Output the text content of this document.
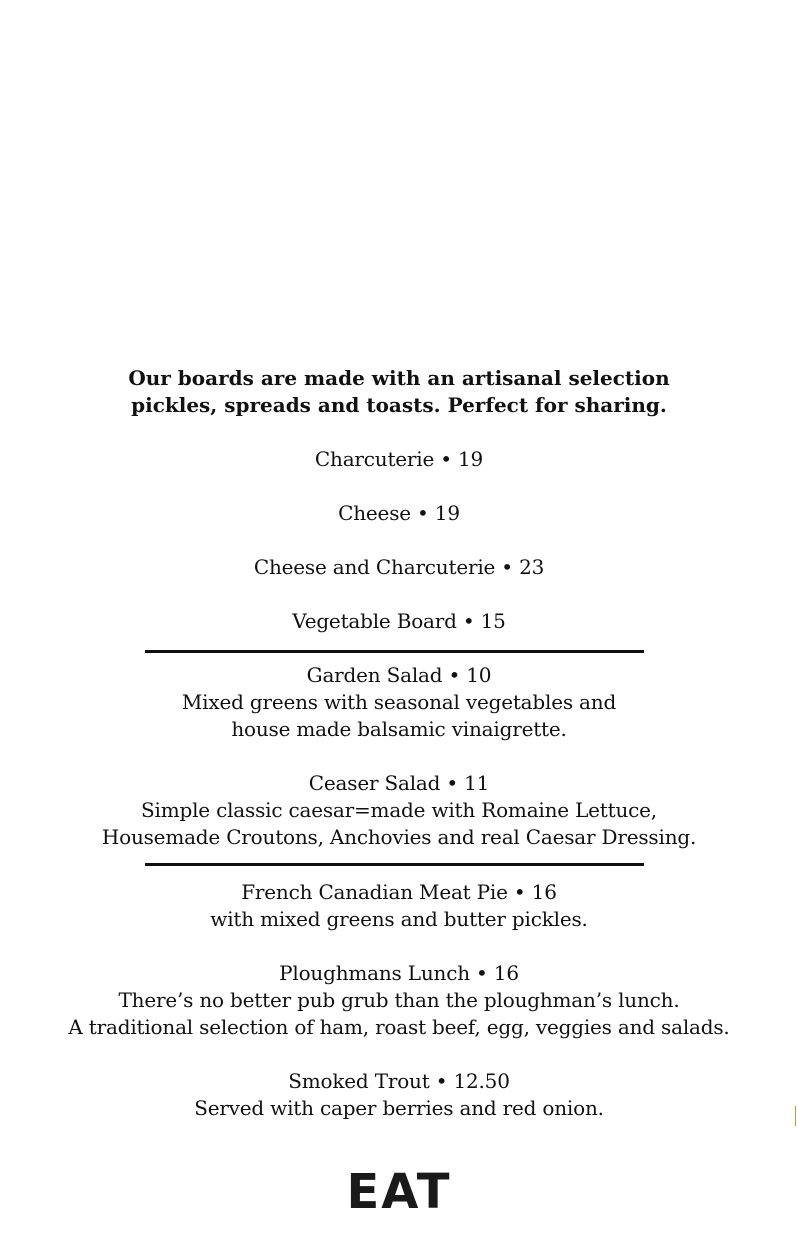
Our boards are made with an artisanal selection
pickles, spreads and toasts. Perfect for sharing.
Charcuterie • 19
Cheese • 19
Cheese and Charcuterie • 23
Vegetable Board • 15
Garden Salad • 10
Mixed greens with seasonal vegetables and
house made balsamic vinaigrette.
Ceaser Salad • 11
Simple classic caesar=made with Romaine Lettuce,
Housemade Croutons, Anchovies and real Caesar Dressing.
French Canadian Meat Pie • 16
with mixed greens and butter pickles.
Ploughmans Lunch • 16
There’s no better pub grub than the ploughman’s lunch.
A traditional selection of ham, roast beef, egg, veggies and salads.
Smoked Trout • 12.50
Served with caper berries and red onion.
EAT
